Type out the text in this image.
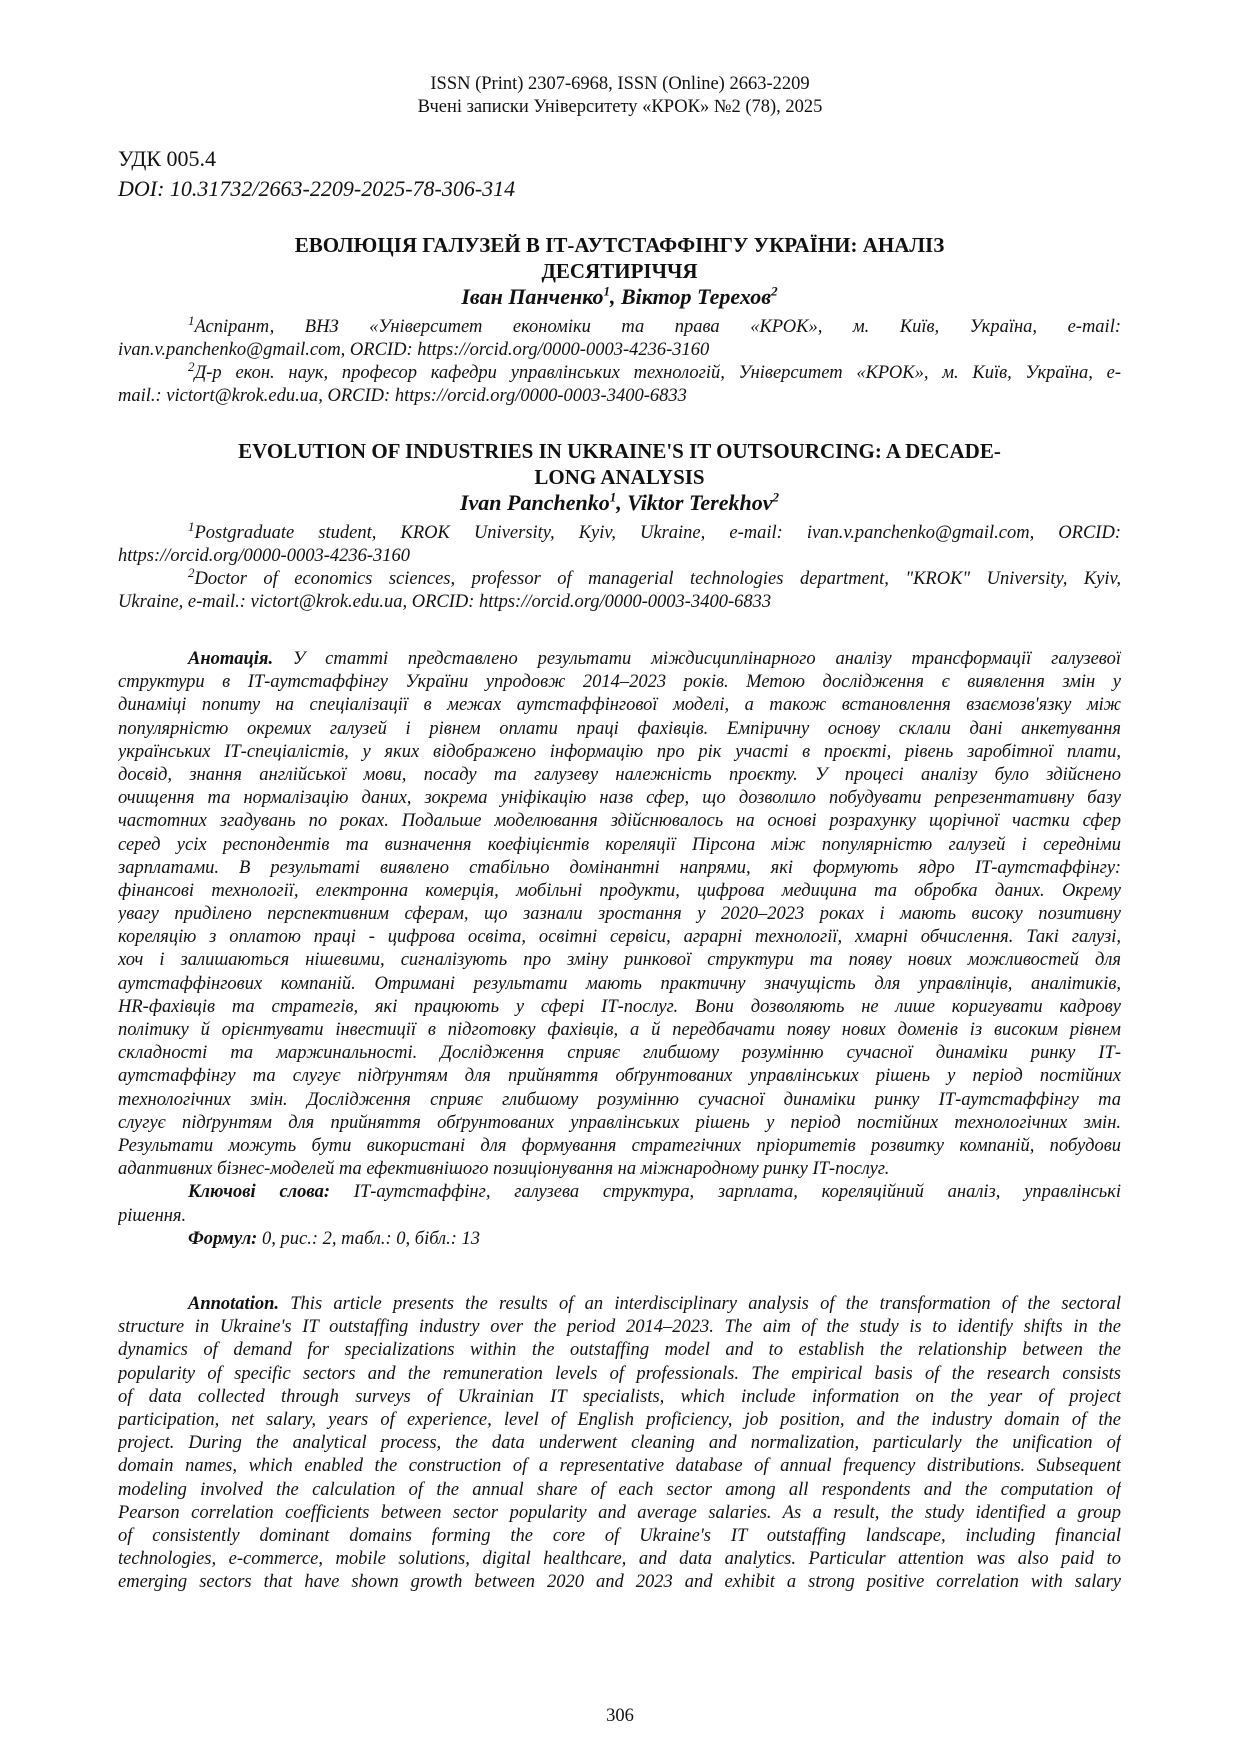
ISSN (Print) 2307-6968, ISSN (Online) 2663-2209
Вчені записки Університету «КРОК» №2 (78), 2025
УДК 005.4
DOI: 10.31732/2663-2209-2025-78-306-314
ЕВОЛЮЦІЯ ГАЛУЗЕЙ В ІТ-АУТСТАФФІНГУ УКРАЇНИ: АНАЛІЗ
ДЕСЯТИРІЧЧЯ
Іван Панченко$^1$, Віктор Терехов$^2$
$^1$Аспірант, ВНЗ «Університет економіки та права «КРОК», м. Київ, Україна, e-mail:
ivan.v.panchenko@gmail.com, ORCID: https://orcid.org/0000-0003-4236-3160
$^2$Д-р екон. наук, професор кафедри управлінських технологій, Університет «КРОК», м. Київ, Україна, e-
mail.: victort@krok.edu.ua, ORCID: https://orcid.org/0000-0003-3400-6833
EVOLUTION OF INDUSTRIES IN UKRAINE'S IT OUTSOURCING: A DECADE-
LONG ANALYSIS
Ivan Panchenko$^1$, Viktor Terekhov$^2$
$^1$Postgraduate student, KROK University, Kyiv, Ukraine, e-mail: ivan.v.panchenko@gmail.com, ORCID:
https://orcid.org/0000-0003-4236-3160
$^2$Doctor of economics sciences, professor of managerial technologies department, "KROK" University, Kyiv,
Ukraine, e-mail.: victort@krok.edu.ua, ORCID: https://orcid.org/0000-0003-3400-6833
Анотація. У статті представлено результати міждисциплінарного аналізу трансформації галузевої
структури в ІТ-аутстаффінгу України упродовж 2014–2023 років. Метою дослідження є виявлення змін у
динаміці попиту на спеціалізації в межах аутстаффінгової моделі, а також встановлення взаємозв'язку між
популярністю окремих галузей і рівнем оплати праці фахівців. Емпіричну основу склали дані анкетування
українських ІТ-спеціалістів, у яких відображено інформацію про рік участі в проєкті, рівень заробітної плати,
досвід, знання англійської мови, посаду та галузеву належність проєкту. У процесі аналізу було здійснено
очищення та нормалізацію даних, зокрема уніфікацію назв сфер, що дозволило побудувати репрезентативну базу
частотних згадувань по роках. Подальше моделювання здійснювалось на основі розрахунку щорічної частки сфер
серед усіх респондентів та визначення коефіцієнтів кореляції Пірсона між популярністю галузей і середніми
зарплатами. В результаті виявлено стабільно домінантні напрями, які формують ядро ІТ-аутстаффінгу:
фінансові технології, електронна комерція, мобільні продукти, цифрова медицина та обробка даних. Окрему
увагу приділено перспективним сферам, що зазнали зростання у 2020–2023 роках і мають високу позитивну
кореляцію з оплатою праці - цифрова освіта, освітні сервіси, аграрні технології, хмарні обчислення. Такі галузі,
хоч і залишаються нішевими, сигналізують про зміну ринкової структури та появу нових можливостей для
аутстаффінгових компаній. Отримані результати мають практичну значущість для управлінців, аналітиків,
HR-фахівців та стратегів, які працюють у сфері ІТ-послуг. Вони дозволяють не лише коригувати кадрову
політику й орієнтувати інвестиції в підготовку фахівців, а й передбачати появу нових доменів із високим рівнем
складності та маржинальності. Дослідження сприяє глибшому розумінню сучасної динаміки ринку ІТ-
аутстаффінгу та слугує підґрунтям для прийняття обґрунтованих управлінських рішень у період постійних
технологічних змін. Дослідження сприяє глибшому розумінню сучасної динаміки ринку ІТ-аутстаффінгу та
слугує підґрунтям для прийняття обґрунтованих управлінських рішень у період постійних технологічних змін.
Результати можуть бути використані для формування стратегічних пріоритетів розвитку компаній, побудови
адаптивних бізнес-моделей та ефективнішого позиціонування на міжнародному ринку ІТ-послуг.
Ключові слова: ІТ-аутстаффінг, галузева структура, зарплата, кореляційний аналіз, управлінські
рішення.
Формул: 0, рис.: 2, табл.: 0, бібл.: 13
Annotation. This article presents the results of an interdisciplinary analysis of the transformation of the sectoral
structure in Ukraine's IT outstaffing industry over the period 2014–2023. The aim of the study is to identify shifts in the
dynamics of demand for specializations within the outstaffing model and to establish the relationship between the
popularity of specific sectors and the remuneration levels of professionals. The empirical basis of the research consists
of data collected through surveys of Ukrainian IT specialists, which include information on the year of project
participation, net salary, years of experience, level of English proficiency, job position, and the industry domain of the
project. During the analytical process, the data underwent cleaning and normalization, particularly the unification of
domain names, which enabled the construction of a representative database of annual frequency distributions. Subsequent
modeling involved the calculation of the annual share of each sector among all respondents and the computation of
Pearson correlation coefficients between sector popularity and average salaries. As a result, the study identified a group
of consistently dominant domains forming the core of Ukraine's IT outstaffing landscape, including financial
technologies, e-commerce, mobile solutions, digital healthcare, and data analytics. Particular attention was also paid to
emerging sectors that have shown growth between 2020 and 2023 and exhibit a strong positive correlation with salary
306
